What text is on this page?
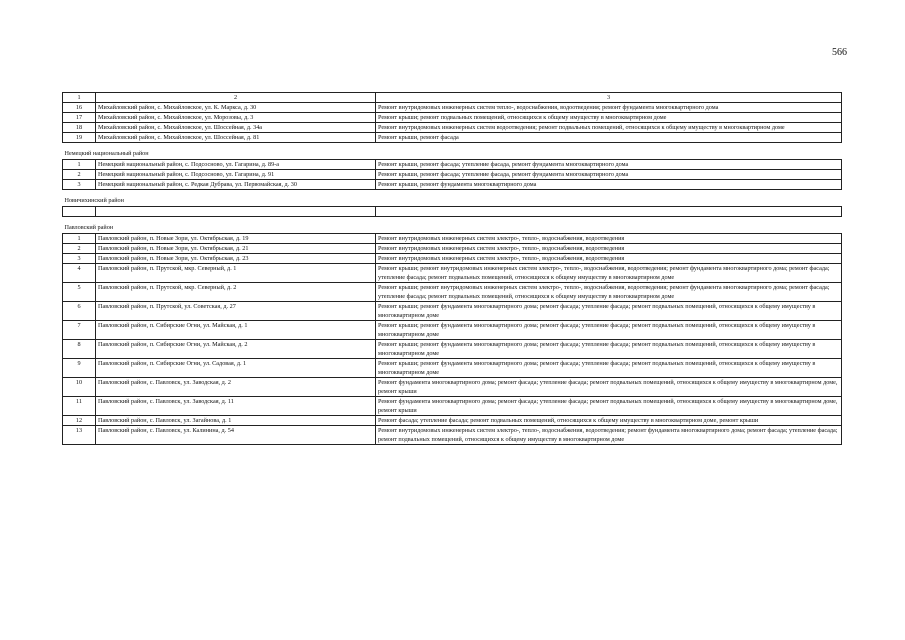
566
1	2	3
16	Михайловский район, с. Михайловское, ул. К. Маркса, д. 30	Ремонт внутридомовых инженерных систем тепло-, водоснабжения, водоотведения; ремонт фундамента многоквартирного дома
17	Михайловский район, с. Михайловское, ул. Морозовы, д. 3	Ремонт крыши; ремонт подвальных помещений, относящихся к общему имуществу в многоквартирном доме
18	Михайловский район, с. Михайловское, ул. Шоссейная, д. 34а	Ремонт внутридомовых инженерных систем водоотведения; ремонт подвальных помещений, относящихся к общему имуществу в многоквартирном доме
19	Михайловский район, с. Михайловское, ул. Шоссейная, д. 81	Ремонт крыши, ремонт фасада
Немецкий национальный район		
1	Немецкий национальный район, с. Подсосново, ул. Гагарина, д. 89-а	Ремонт крыши, ремонт фасада; утепление фасада, ремонт фундамента многоквартирного дома
2	Немецкий национальный район, с. Подсосново, ул. Гагарина, д. 91	Ремонт крыши, ремонт фасада; утепление фасада, ремонт фундамента многоквартирного дома
3	Немецкий национальный район, с. Редкая Дубрава, ул. Первомайская, д. 30	Ремонт крыши, ремонт фундамента многоквартирного дома
Новичихинский район		

Павловский район		
1	Павловский район, п. Новые Зори, ул. Октябрьская, д. 19	Ремонт внутридомовых инженерных систем электро-, тепло-, водоснабжения, водоотведения
2	Павловский район, п. Новые Зори, ул. Октябрьская, д. 21	Ремонт внутридомовых инженерных систем электро-, тепло-, водоснабжения, водоотведения
3	Павловский район, п. Новые Зори, ул. Октябрьская, д. 23	Ремонт внутридомовых инженерных систем электро-, тепло-, водоснабжения, водоотведения
4	Павловский район, п. Прутской, мкр. Северный, д. 1	Ремонт крыши; ремонт внутридомовых инженерных систем электро-, тепло-, водоснабжения, водоотведения; ремонт фундамента многоквартирного дома; ремонт фасада; утепление фасада; ремонт подвальных помещений, относящихся к общему имуществу в многоквартирном доме
5	Павловский район, п. Прутской, мкр. Северный, д. 2	Ремонт крыши; ремонт внутридомовых инженерных систем электро-, тепло-, водоснабжения, водоотведения; ремонт фундамента многоквартирного дома; ремонт фасада; утепление фасада; ремонт подвальных помещений, относящихся к общему имуществу в многоквартирном доме
6	Павловский район, п. Прутской, ул. Советская, д. 27	Ремонт крыши; ремонт фундамента многоквартирного дома; ремонт фасада; утепление фасада; ремонт подвальных помещений, относящихся к общему имуществу в многоквартирном доме
7	Павловский район, п. Сибирские Огни, ул. Майская, д. 1	Ремонт крыши; ремонт фундамента многоквартирного дома; ремонт фасада; утепление фасада; ремонт подвальных помещений, относящихся к общему имуществу в многоквартирном доме
8	Павловский район, п. Сибирские Огни, ул. Майская, д. 2	Ремонт крыши; ремонт фундамента многоквартирного дома; ремонт фасада; утепление фасада; ремонт подвальных помещений, относящихся к общему имуществу в многоквартирном доме
9	Павловский район, п. Сибирские Огни, ул. Садовая, д. 1	Ремонт крыши; ремонт фундамента многоквартирного дома; ремонт фасада; утепление фасада; ремонт подвальных помещений, относящихся к общему имуществу в многоквартирном доме
10	Павловский район, с. Павловск, ул. Заводская, д. 2	Ремонт фундамента многоквартирного дома; ремонт фасада; утепление фасада; ремонт подвальных помещений, относящихся к общему имуществу в многоквартирном доме, ремонт крыши
11	Павловский район, с. Павловск, ул. Заводская, д. 11	Ремонт фундамента многоквартирного дома; ремонт фасада; утепление фасада; ремонт подвальных помещений, относящихся к общему имуществу в многоквартирном доме, ремонт крыши
12	Павловский район, с. Павловск, ул. Загайнова, д. 1	Ремонт фасада; утепление фасада; ремонт подвальных помещений, относящихся к общему имуществу в многоквартирном доме, ремонт крыши
13	Павловский район, с. Павловск, ул. Калинина, д. 54	Ремонт внутридомовых инженерных систем электро-, тепло-, водоснабжения, водоотведения; ремонт фундамента многоквартирного дома; ремонт фасада; утепление фасада; ремонт подвальных помещений, относящихся к общему имуществу в многоквартирном доме
